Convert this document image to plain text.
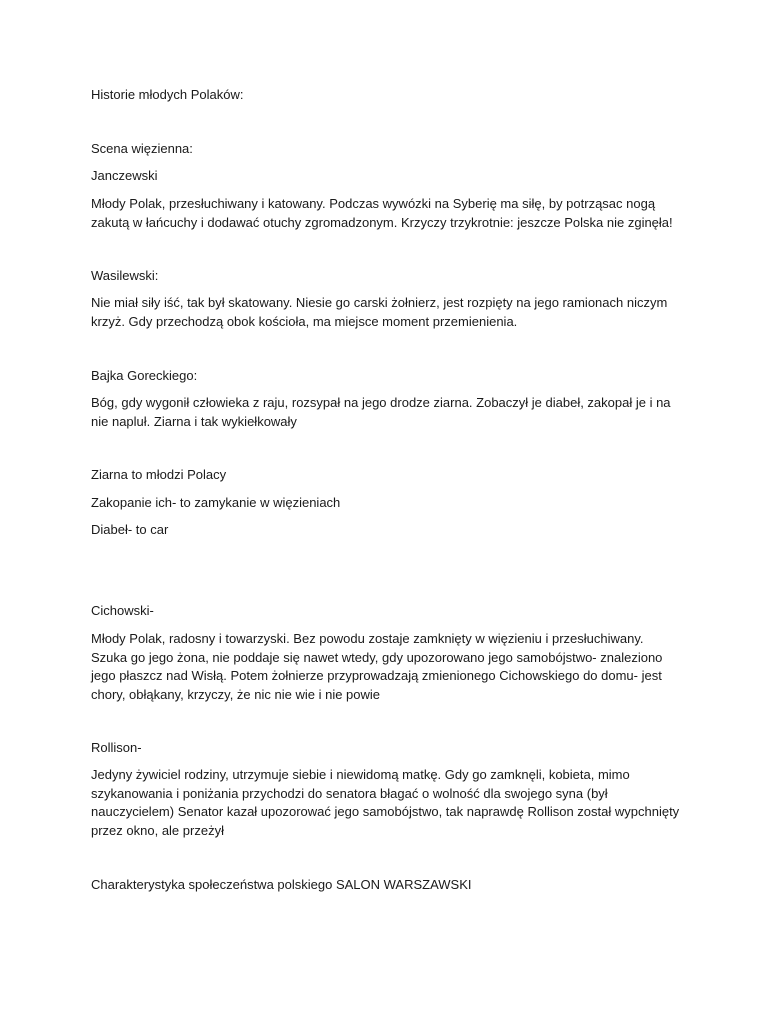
Historie młodych Polaków:

Scena więzienna:

Janczewski

Młody Polak, przesłuchiwany i katowany. Podczas wywózki na Syberię ma siłę, by potrząsac nogą zakutą w łańcuchy i dodawać otuchy zgromadzonym. Krzyczy trzykrotnie: jeszcze Polska nie zginęła!

Wasilewski:

Nie miał siły iść, tak był skatowany. Niesie go carski żołnierz, jest rozpięty na jego ramionach niczym krzyż. Gdy przechodzą obok kościoła, ma miejsce moment przemienienia.

Bajka Goreckiego:

Bóg, gdy wygonił człowieka z raju, rozsypał na jego drodze ziarna. Zobaczył je diabeł, zakopał je i na nie napluł. Ziarna i tak wykiełkowały

Ziarna to młodzi Polacy

Zakopanie ich- to zamykanie w więzieniach

Diabeł- to car

Cichowski-

Młody Polak, radosny i towarzyski. Bez powodu zostaje zamknięty w więzieniu i przesłuchiwany. Szuka go jego żona, nie poddaje się nawet wtedy, gdy upozorowano jego samobójstwo- znaleziono jego płaszcz nad Wisłą. Potem żołnierze przyprowadzają zmienionego Cichowskiego do domu- jest chory, obłąkany, krzyczy, że nic nie wie i nie powie

Rollison-

Jedyny żywiciel rodziny, utrzymuje siebie i niewidomą matkę. Gdy go zamknęli, kobieta, mimo szykanowania i poniżania przychodzi do senatora błagać o wolność dla swojego syna (był nauczycielem) Senator kazał upozorować jego samobójstwo, tak naprawdę Rollison został wypchnięty przez okno, ale przeżył

Charakterystyka społeczeństwa polskiego SALON WARSZAWSKI
